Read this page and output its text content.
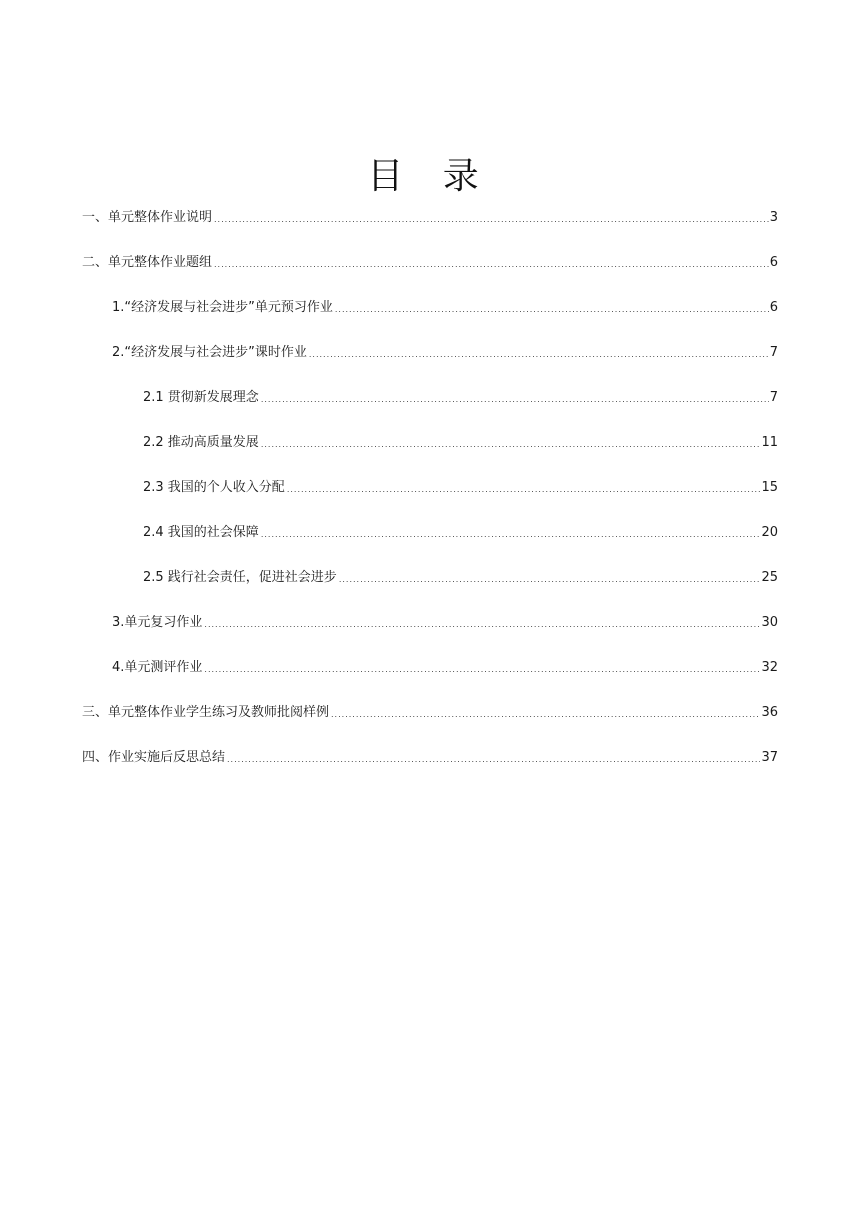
目 录
一、单元整体作业说明 .....	3
二、单元整体作业题组 .....	6
1.“经济发展与社会进步”单元预习作业 .....	6
2.“经济发展与社会进步”课时作业 .....	7
2.1 贯彻新发展理念 .....	7
2.2 推动高质量发展 .....	11
2.3 我国的个人收入分配 .....	15
2.4 我国的社会保障 .....	20
2.5 践行社会责任，促进社会进步 .....	25
3.单元复习作业 .....	30
4.单元测评作业 .....	32
三、单元整体作业学生练习及教师批阅样例 .....	36
四、作业实施后反思总结 .....	37
